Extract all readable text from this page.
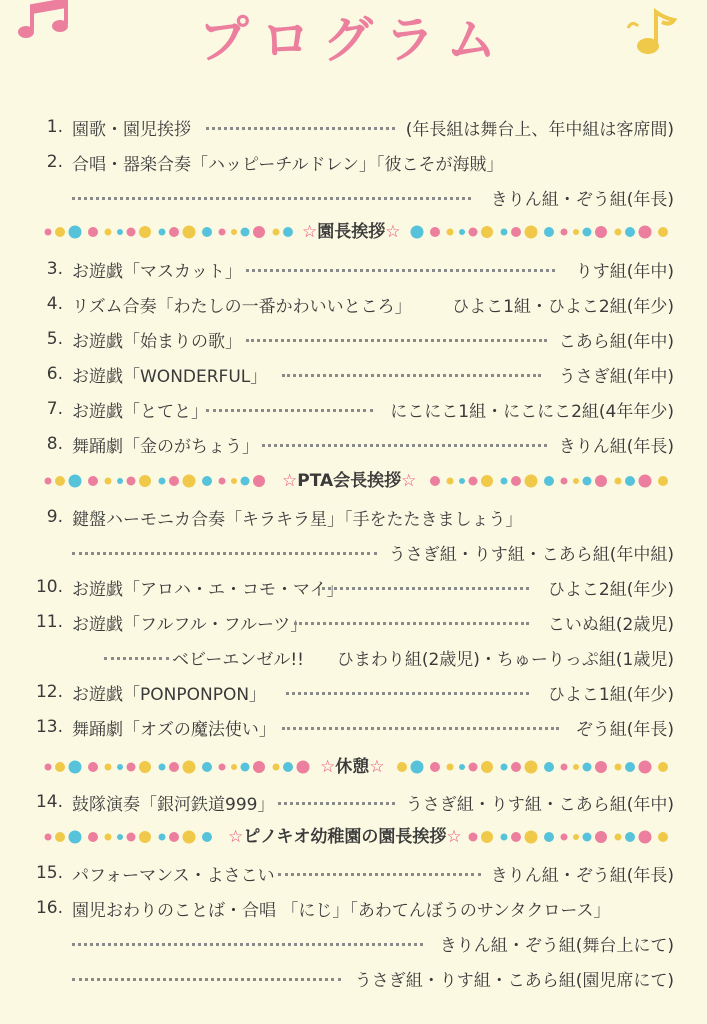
プログラム
1. 園歌・園児挨拶	(年長組は舞台上、年中組は客席間)
2. 合唱・器楽合奏「ハッピーチルドレン」「彼こそが海賊」
きりん組・ぞう組(年長)
☆園長挨拶☆
3. お遊戯「マスカット」	りす組(年中)
4. リズム合奏「わたしの一番かわいいところ」 ひよこ1組・ひよこ2組(年少)
5. お遊戯「始まりの歌」	こあら組(年中)
6. お遊戯「WONDERFUL」	うさぎ組(年中)
7. お遊戯「とてと」	にこにこ1組・にこにこ2組(4年年少)
8. 舞踊劇「金のがちょう」	きりん組(年長)
☆PTA会長挨拶☆
9. 鍵盤ハーモニカ合奏「キラキラ星」「手をたたきましょう」
うさぎ組・りす組・こあら組(年中組)
10. お遊戯「アロハ・エ・コモ・マイ」	ひよこ2組(年少)
11. お遊戯「フルフル・フルーツ」	こいぬ組(2歳児)
ベビーエンゼル!! ひまわり組(2歳児)・ちゅーりっぷ組(1歳児)
12. お遊戯「PONPONPON」	ひよこ1組(年少)
13. 舞踊劇「オズの魔法使い」	ぞう組(年長)
☆休憩☆
14. 鼓隊演奏「銀河鉄道999」	うさぎ組・りす組・こあら組(年中)
☆ピノキオ幼稚園の園長挨拶☆
15. パフォーマンス・よさこい	きりん組・ぞう組(年長)
16. 園児おわりのことば・合唱 「にじ」「あわてんぼうのサンタクロース」
きりん組・ぞう組(舞台上にて)
うさぎ組・りす組・こあら組(園児席にて)
